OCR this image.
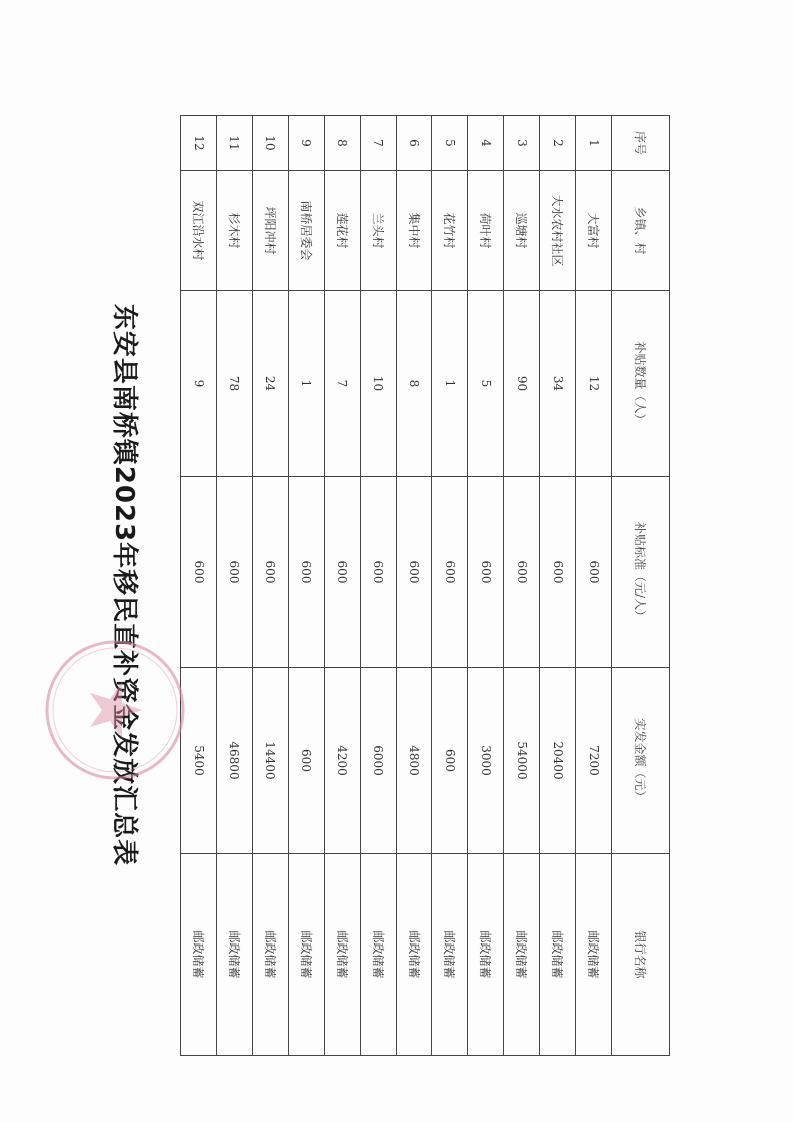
序号	乡镇、村	补贴数量（人）	补贴标准（元/人）	实发金额（元）	银行名称
1	大富村	12	600	7200	邮政储蓄
2	大水农村社区	34	600	20400	邮政储蓄
3	巡塘村	90	600	54000	邮政储蓄
4	荷叶村	5	600	3000	邮政储蓄
5	花竹村	1	600	600	邮政储蓄
6	集中村	8	600	4800	邮政储蓄
7	兰头村	10	600	6000	邮政储蓄
8	莲花村	7	600	4200	邮政储蓄
9	南桥居委会	1	600	600	邮政储蓄
10	坪阳冲村	24	600	14400	邮政储蓄
11	杉木村	78	600	46800	邮政储蓄
12	双江沿水村	9	600	5400	邮政储蓄
东安县南桥镇2023年移民直补资金发放汇总表
